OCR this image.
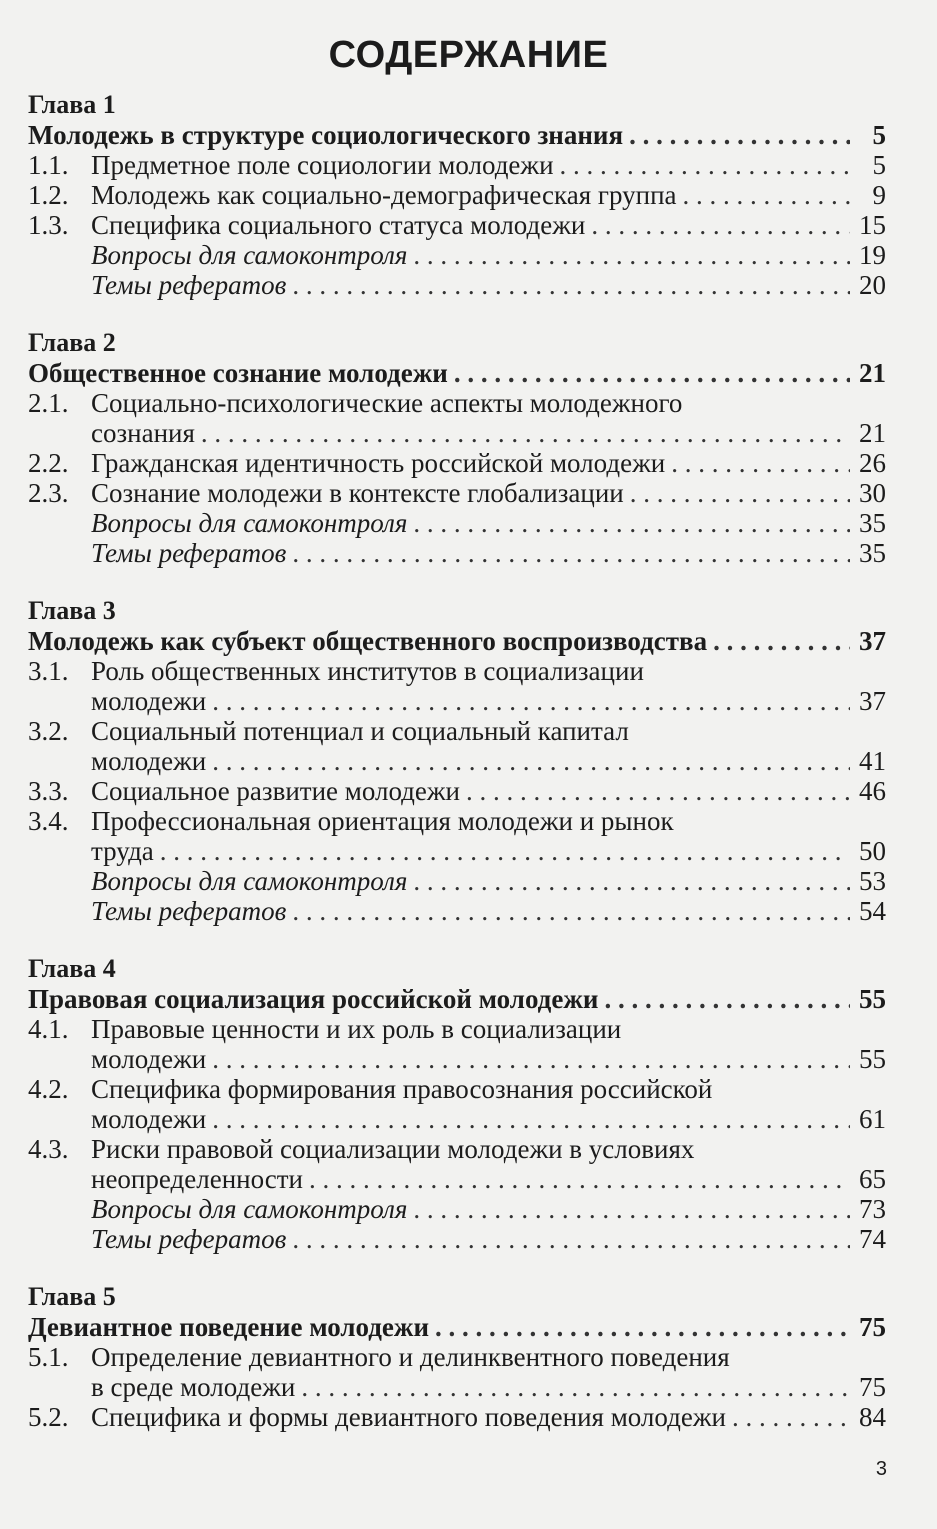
СОДЕРЖАНИЕ
Глава 1
Молодежь в структуре социологического знания . . .	5
1.1. Предметное поле социологии молодежи . . .	5
1.2. Молодежь как социально-демографическая группа . . .	9
1.3. Специфика социального статуса молодежи . . .	15
Вопросы для самоконтроля . . .	19
Темы рефератов . . .	20
Глава 2
Общественное сознание молодежи . . .	21
2.1. Социально-психологические аспекты молодежного
сознания . . .	21
2.2. Гражданская идентичность российской молодежи . . .	26
2.3. Сознание молодежи в контексте глобализации . . .	30
Вопросы для самоконтроля . . .	35
Темы рефератов . . .	35
Глава 3
Молодежь как субъект общественного воспроизводства . . .	37
3.1. Роль общественных институтов в социализации
молодежи . . .	37
3.2. Социальный потенциал и социальный капитал
молодежи . . .	41
3.3. Социальное развитие молодежи . . .	46
3.4. Профессиональная ориентация молодежи и рынок
труда . . .	50
Вопросы для самоконтроля . . .	53
Темы рефератов . . .	54
Глава 4
Правовая социализация российской молодежи . . .	55
4.1. Правовые ценности и их роль в социализации
молодежи . . .	55
4.2. Специфика формирования правосознания российской
молодежи . . .	61
4.3. Риски правовой социализации молодежи в условиях
неопределенности . . .	65
Вопросы для самоконтроля . . .	73
Темы рефератов . . .	74
Глава 5
Девиантное поведение молодежи . . .	75
5.1. Определение девиантного и делинквентного поведения
в среде молодежи . . .	75
5.2. Специфика и формы девиантного поведения молодежи . . .	84
3
